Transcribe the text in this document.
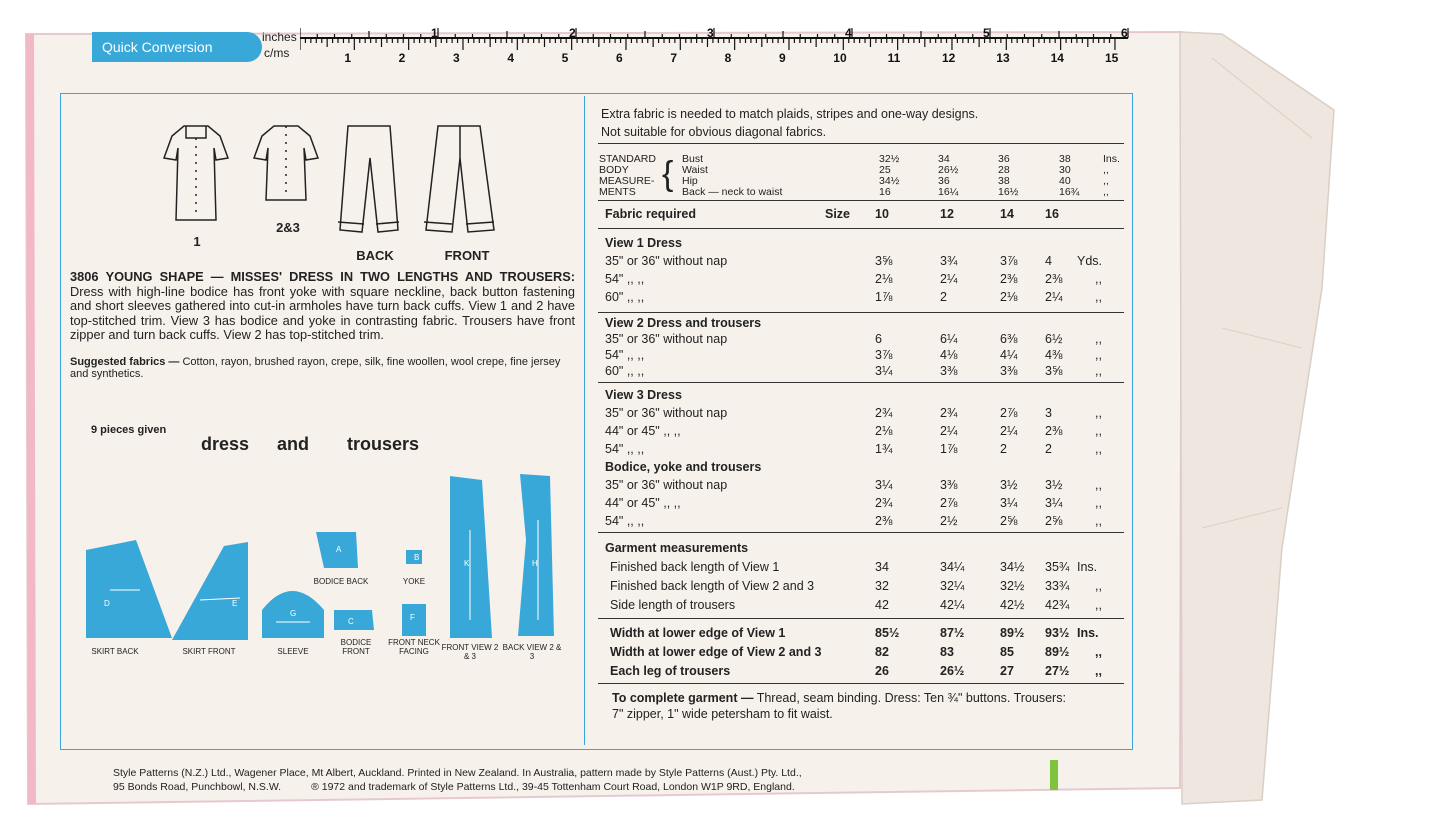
Quick Conversion
inches
c/ms
1	2	3	4	5	6
1	2	3	4	5	6	7	8	9	10	11	12	13	14	15
1
2&3
BACK	FRONT
3806 YOUNG SHAPE — MISSES' DRESS IN TWO LENGTHS AND TROUSERS: Dress with high-line bodice has front yoke with square neckline, back button fastening and short sleeves gathered into cut-in armholes have turn back cuffs. View 1 and 2 have top-stitched trim. View 3 has bodice and yoke in contrasting fabric. Trousers have front zipper and turn back cuffs. View 2 has top-stitched trim.
Suggested fabrics — Cotton, rayon, brushed rayon, crepe, silk, fine woollen, wool crepe, fine jersey and synthetics.
9 pieces given
dress and trousers
A
B
C
D	E
F
G
H
K
SKIRT BACK	SKIRT FRONT	SLEEVE
BODICE BACK
BODICE FRONT
YOKE
FRONT NECK FACING	FRONT VIEW 2 & 3
BACK VIEW 2 & 3
Extra fabric is needed to match plaids, stripes and one-way designs.
Not suitable for obvious diagonal fabrics.
STANDARD
BODY
MEASURE-
MENTS { Bust	32½	34	36	38	Ins.
Waist	25	26½	28	30	,,
Hip	34½	36	38	40	,,
Back — neck to waist	16	16¼	16½	16¾ ,,
Fabric required	Size 10	12	14 16
View 1 Dress
35" or 36" without nap	3⅝	3¾	3⅞ 4 Yds.
54" ,, ,,	2⅛	2¼	2⅜ 2⅜	,,
60" ,, ,,	1⅞	2	2⅛ 2¼	,,
View 2 Dress and trousers
35" or 36" without nap	6	6¼	6⅜ 6½	,,
54" ,, ,,	3⅞	4⅛	4¼ 4⅜	,,
60" ,, ,,	3¼	3⅜	3⅜ 3⅝	,,
View 3 Dress
35" or 36" without nap	2¾	2¾	2⅞ 3	,,
44" or 45" ,, ,,	2⅛	2¼	2¼ 2⅜	,,
54" ,, ,,	1¾	1⅞	2	2	,,
Bodice, yoke and trousers
35" or 36" without nap	3¼	3⅜	3½ 3½	,,
44" or 45" ,, ,,	2¾	2⅞	3¼ 3¼	,,
54" ,, ,,	2⅜	2½	2⅝ 2⅝	,,
Garment measurements
Finished back length of View 1	34	34¼	34½ 35¾ Ins.
Finished back length of View 2 and 3	32	32¼	32½ 33¾ ,,
Side length of trousers	42	42¼	42½ 42¾ ,,
Width at lower edge of View 1	85½	87½	89½ 93½ Ins.
Width at lower edge of View 2 and 3	82	83	85 89½ ,,
Each leg of trousers	26	26½	27 27½ ,,
To complete garment — Thread, seam binding. Dress: Ten ¾" buttons. Trousers:
7" zipper, 1" wide petersham to fit waist.
Style Patterns (N.Z.) Ltd., Wagener Place, Mt Albert, Auckland. Printed in New Zealand. In Australia, pattern made by Style Patterns (Aust.) Pty. Ltd.,
95 Bonds Road, Punchbowl, N.S.W.	® 1972 and trademark of Style Patterns Ltd., 39-45 Tottenham Court Road, London W1P 9RD, England.
